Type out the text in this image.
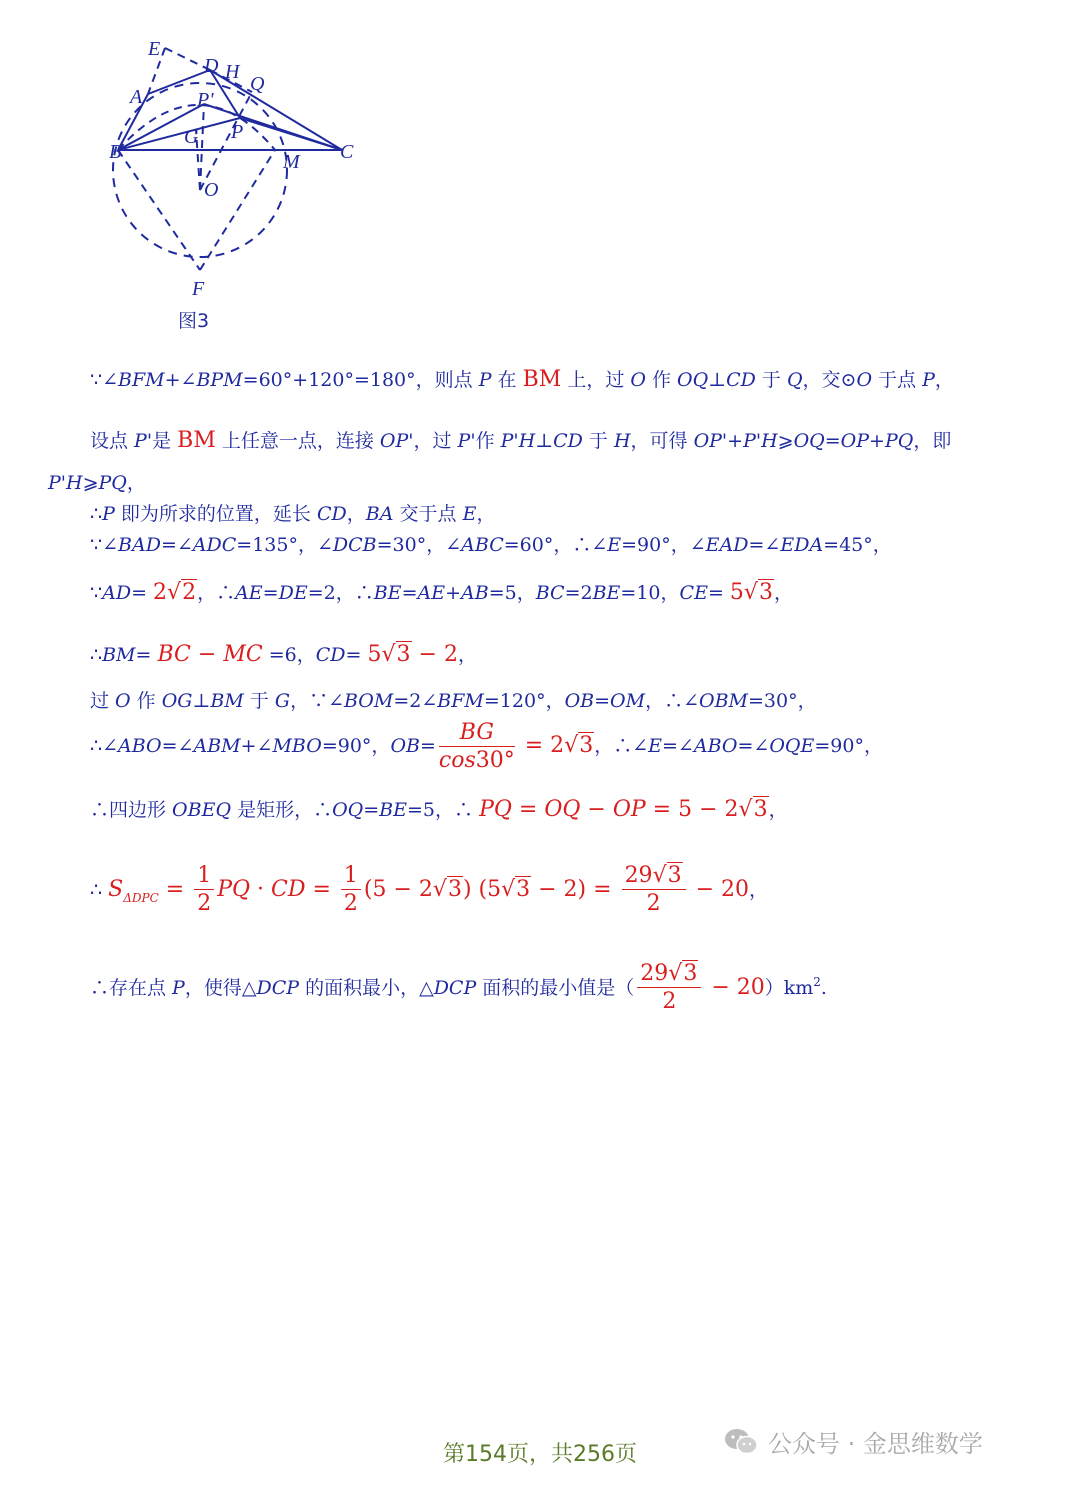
E
D H
Q
A	P'
G P
B	M C
O
F
图3
∵∠BFM+∠BPM=60°+120°=180°，则点 P 在 BM 上，过 O 作 OQ⊥CD 于 Q，交⊙O 于点 P，
设点 P'是 BM 上任意一点，连接 OP'，过 P'作 P'H⊥CD 于 H，可得 OP'+P'H⩾OQ=OP+PQ，即
P'H⩾PQ，
∴P 即为所求的位置，延长 CD，BA 交于点 E，
∵∠BAD=∠ADC=135°，∠DCB=30°，∠ABC=60°，∴∠E=90°，∠EAD=∠EDA=45°，
∵AD= 2√2，∴AE=DE=2，∴BE=AE+AB=5，BC=2BE=10，CE= 5√3，
∴BM= BC − MC =6，CD= 5√3 − 2，
过 O 作 OG⊥BM 于 G，∵∠BOM=2∠BFM=120°，OB=OM，∴∠OBM=30°，
∴∠ABO=∠ABM+∠MBO=90°，$OB= \frac{BG}{\cos 30^\circ} = 2√3$，∴∠E=∠ABO=∠OQE=90°，
∴四边形 OBEQ 是矩形，∴OQ=BE=5，∴ PQ = OQ − OP = 5 − 2√3，
∴ $S_{\Delta DPC} = \frac{1}{2}$ PQ · CD = $\frac{1}{2} (5 - 2√3) (5√3 - 2) = \frac{29√3}{2} - 20$，
∴存在点 P，使得△DCP 的面积最小，△DCP 面积的最小值是（ $\frac{29√3}{2} - 20)km^2$.
第154页，共256页	公众号 · 金思维数学
